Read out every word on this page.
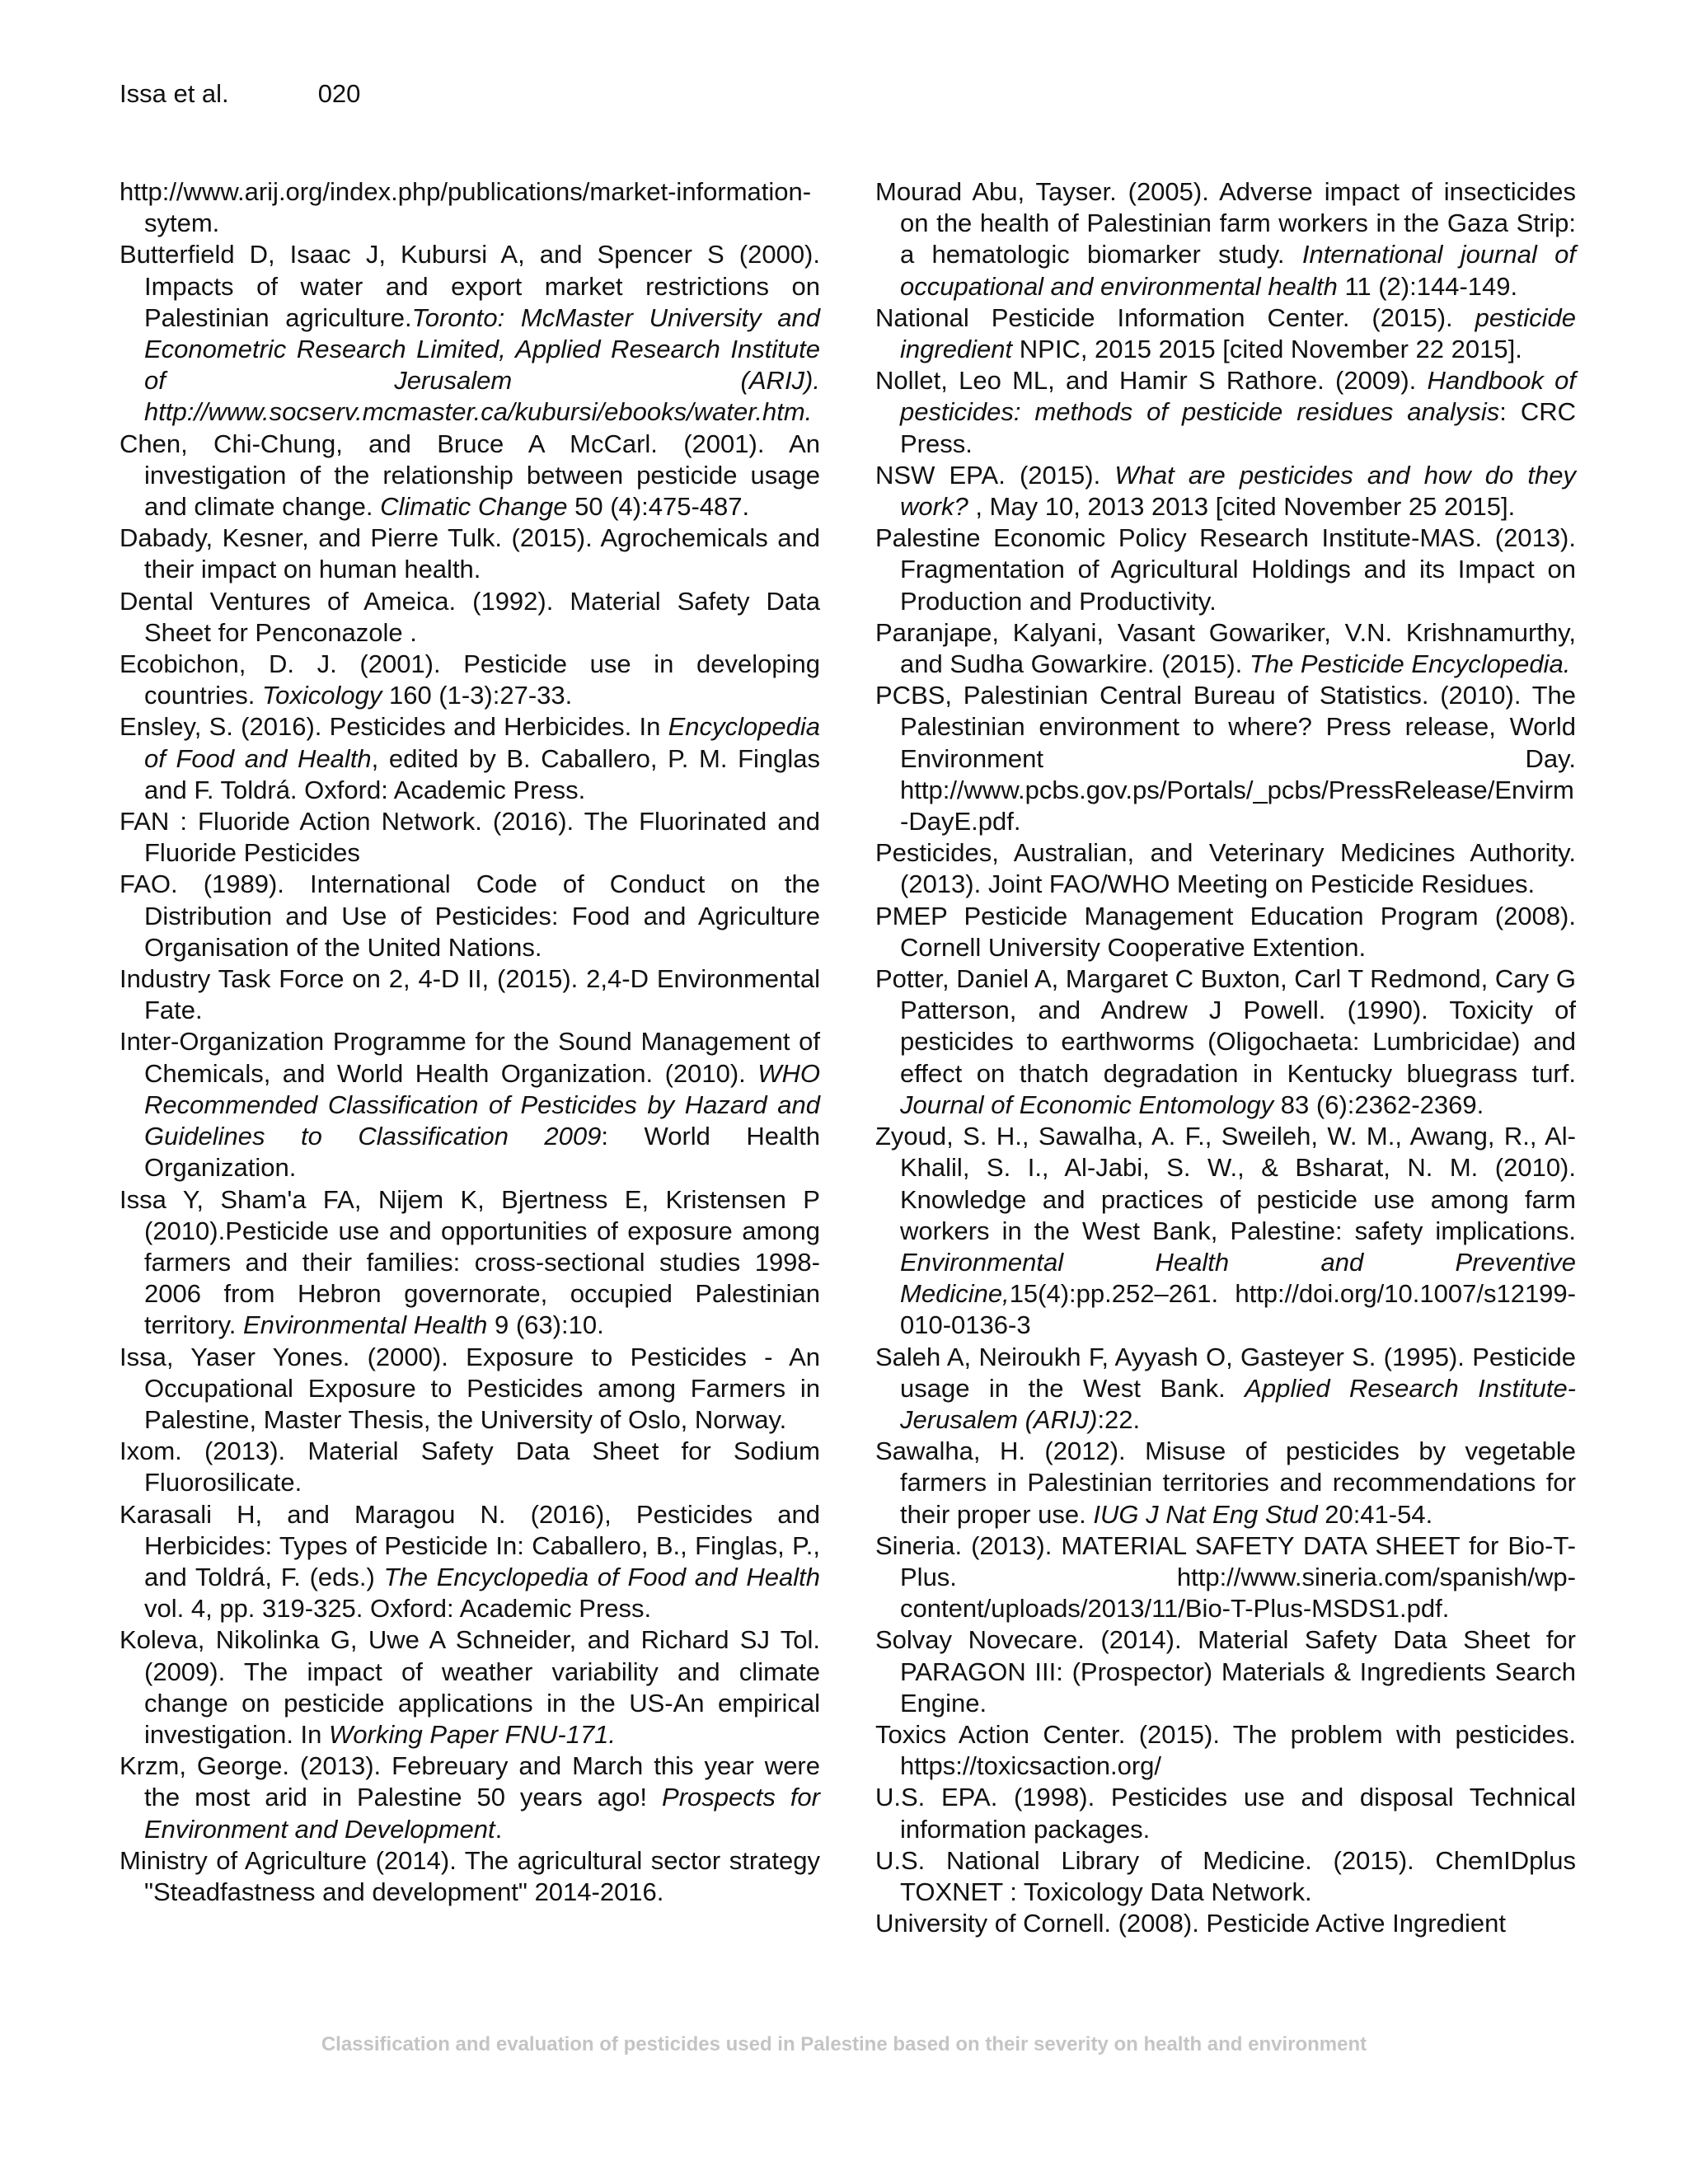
Issa et al.	020

http://www.arij.org/index.php/publications/market-information-sytem.

Butterfield D, Isaac J, Kubursi A, and Spencer S (2000). Impacts of water and export market restrictions on Palestinian agriculture.Toronto: McMaster University and Econometric Research Limited, Applied Research Institute of Jerusalem (ARIJ). http://www.socserv.mcmaster.ca/kubursi/ebooks/water.htm.

Chen, Chi-Chung, and Bruce A McCarl. (2001). An investigation of the relationship between pesticide usage and climate change. Climatic Change 50 (4):475-487.

Dabady, Kesner, and Pierre Tulk. (2015). Agrochemicals and their impact on human health.

Dental Ventures of Ameica. (1992). Material Safety Data Sheet for Penconazole .

Ecobichon, D. J. (2001). Pesticide use in developing countries. Toxicology 160 (1-3):27-33.

Ensley, S. (2016). Pesticides and Herbicides. In Encyclopedia of Food and Health, edited by B. Caballero, P. M. Finglas and F. Toldrá. Oxford: Academic Press.

FAN : Fluoride Action Network. (2016). The Fluorinated and Fluoride Pesticides

FAO. (1989). International Code of Conduct on the Distribution and Use of Pesticides: Food and Agriculture Organisation of the United Nations.

Industry Task Force on 2, 4-D II, (2015). 2,4-D Environmental Fate.

Inter-Organization Programme for the Sound Management of Chemicals, and World Health Organization. (2010). WHO Recommended Classification of Pesticides by Hazard and Guidelines to Classification 2009: World Health Organization.

Issa Y, Sham'a FA, Nijem K, Bjertness E, Kristensen P (2010).Pesticide use and opportunities of exposure among farmers and their families: cross-sectional studies 1998-2006 from Hebron governorate, occupied Palestinian territory. Environmental Health 9 (63):10.

Issa, Yaser Yones. (2000). Exposure to Pesticides - An Occupational Exposure to Pesticides among Farmers in Palestine, Master Thesis, the University of Oslo, Norway.

Ixom. (2013). Material Safety Data Sheet for Sodium Fluorosilicate.

Karasali H, and Maragou N. (2016), Pesticides and Herbicides: Types of Pesticide In: Caballero, B., Finglas, P., and Toldrá, F. (eds.) The Encyclopedia of Food and Health vol. 4, pp. 319-325. Oxford: Academic Press.

Koleva, Nikolinka G, Uwe A Schneider, and Richard SJ Tol. (2009). The impact of weather variability and climate change on pesticide applications in the US-An empirical investigation. In Working Paper FNU-171.

Krzm, George. (2013). Febreuary and March this year were the most arid in Palestine 50 years ago! Prospects for Environment and Development.

Ministry of Agriculture (2014). The agricultural sector strategy "Steadfastness and development" 2014-2016.

Mourad Abu, Tayser. (2005). Adverse impact of insecticides on the health of Palestinian farm workers in the Gaza Strip: a hematologic biomarker study. International journal of occupational and environmental health 11 (2):144-149.

National Pesticide Information Center. (2015). pesticide ingredient NPIC, 2015 2015 [cited November 22 2015].

Nollet, Leo ML, and Hamir S Rathore. (2009). Handbook of pesticides: methods of pesticide residues analysis: CRC Press.

NSW EPA. (2015). What are pesticides and how do they work? , May 10, 2013 2013 [cited November 25 2015].

Palestine Economic Policy Research Institute-MAS. (2013). Fragmentation of Agricultural Holdings and its Impact on Production and Productivity.

Paranjape, Kalyani, Vasant Gowariker, V.N. Krishnamurthy, and Sudha Gowarkire. (2015). The Pesticide Encyclopedia.

PCBS, Palestinian Central Bureau of Statistics. (2010). The Palestinian environment to where? Press release, World Environment Day. http://www.pcbs.gov.ps/Portals/_pcbs/PressRelease/Envirm-DayE.pdf.

Pesticides, Australian, and Veterinary Medicines Authority. (2013). Joint FAO/WHO Meeting on Pesticide Residues.

PMEP Pesticide Management Education Program (2008). Cornell University Cooperative Extention.

Potter, Daniel A, Margaret C Buxton, Carl T Redmond, Cary G Patterson, and Andrew J Powell. (1990). Toxicity of pesticides to earthworms (Oligochaeta: Lumbricidae) and effect on thatch degradation in Kentucky bluegrass turf. Journal of Economic Entomology 83 (6):2362-2369.

Zyoud, S. H., Sawalha, A. F., Sweileh, W. M., Awang, R., Al-Khalil, S. I., Al-Jabi, S. W., & Bsharat, N. M. (2010). Knowledge and practices of pesticide use among farm workers in the West Bank, Palestine: safety implications. Environmental Health and Preventive Medicine,15(4):pp.252–261. http://doi.org/10.1007/s12199-010-0136-3

Saleh A, Neiroukh F, Ayyash O, Gasteyer S. (1995). Pesticide usage in the West Bank. Applied Research Institute-Jerusalem (ARIJ):22.

Sawalha, H. (2012). Misuse of pesticides by vegetable farmers in Palestinian territories and recommendations for their proper use. IUG J Nat Eng Stud 20:41-54.

Sineria. (2013). MATERIAL SAFETY DATA SHEET for Bio-T- Plus. http://www.sineria.com/spanish/wp-content/uploads/2013/11/Bio-T-Plus-MSDS1.pdf.

Solvay Novecare. (2014). Material Safety Data Sheet for PARAGON III: (Prospector) Materials & Ingredients Search Engine.

Toxics Action Center. (2015). The problem with pesticides. https://toxicsaction.org/

U.S. EPA. (1998). Pesticides use and disposal Technical information packages.

U.S. National Library of Medicine. (2015). ChemIDplus TOXNET : Toxicology Data Network.

University of Cornell. (2008). Pesticide Active Ingredient

Classification and evaluation of pesticides used in Palestine based on their severity on health and environment
